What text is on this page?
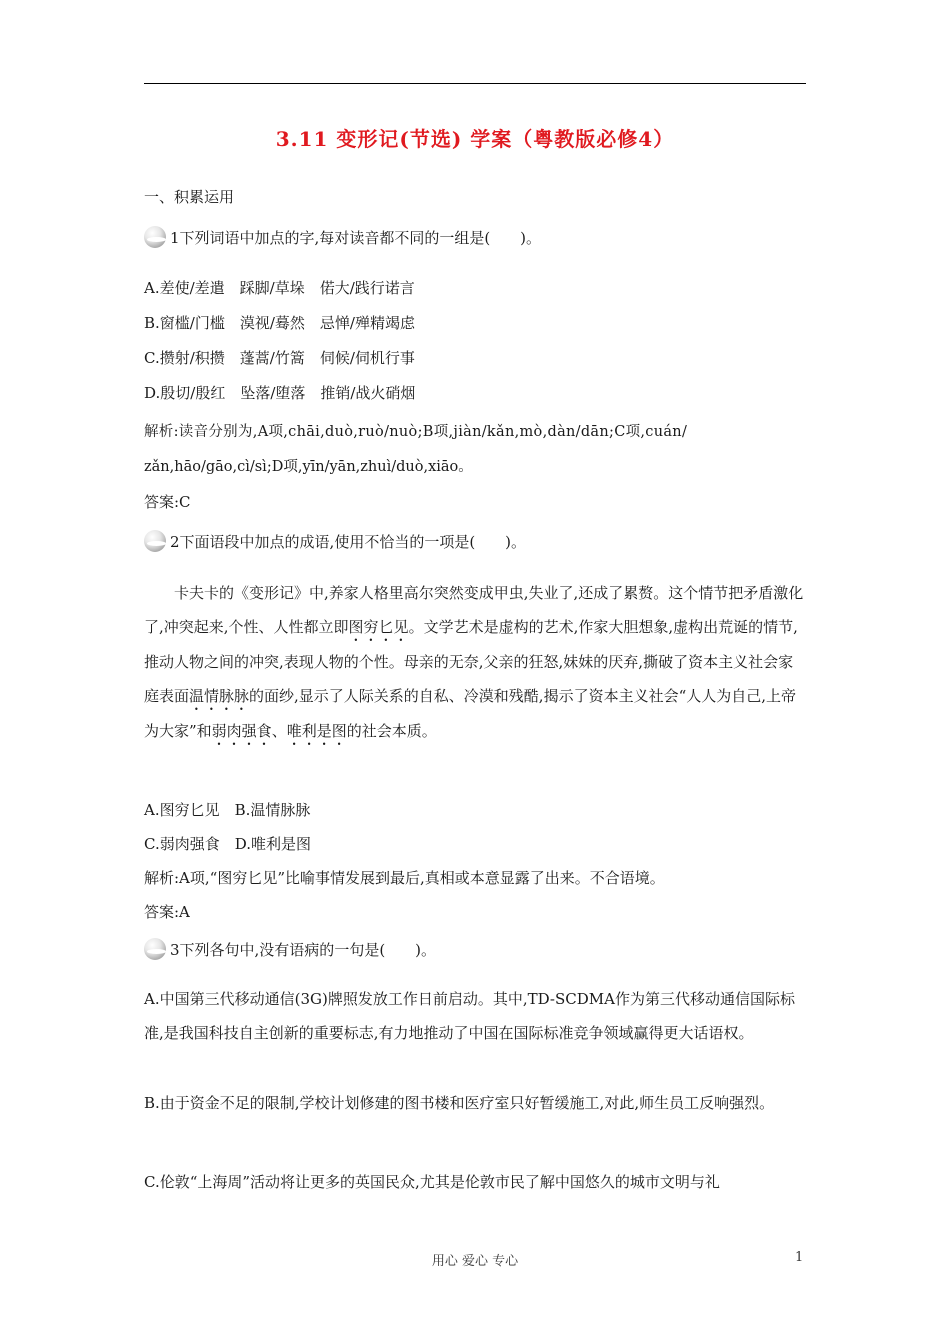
3.11 变形记(节选) 学案（粤教版必修4）
一、积累运用
1下列词语中加点的字,每对读音都不同的一组是(　　)。
A.差使/差遣　踩脚/草垛　偌大/践行诺言
B.窗槛/门槛　漠视/蓦然　忌惮/殚精竭虑
C.攒射/积攒　蓬蒿/竹篙　伺候/伺机行事
D.殷切/殷红　坠落/堕落　推销/战火硝烟
解析:读音分别为,A项,chāi,duò,ruò/nuò;B项,jiàn/kǎn,mò,dàn/dān;C项,cuán/
zǎn,hāo/gāo,cì/sì;D项,yīn/yān,zhuì/duò,xiāo。
答案:C
2下面语段中加点的成语,使用不恰当的一项是(　　)。
　　卡夫卡的《变形记》中,养家人格里高尔突然变成甲虫,失业了,还成了累赘。这个情节把矛盾激化了,冲突起来,个性、人性都立即图穷匕见。文学艺术是虚构的艺术,作家大胆想象,虚构出荒诞的情节,推动人物之间的冲突,表现人物的个性。母亲的无奈,父亲的狂怒,妹妹的厌弃,撕破了资本主义社会家庭表面温情脉脉的面纱,显示了人际关系的自私、冷漠和残酷,揭示了资本主义社会“人人为自己,上帝为大家”和弱肉强食、唯利是图的社会本质。
A.图穷匕见　B.温情脉脉
C.弱肉强食　D.唯利是图
解析:A项,“图穷匕见”比喻事情发展到最后,真相或本意显露了出来。不合语境。
答案:A
3下列各句中,没有语病的一句是(　　)。
A.中国第三代移动通信(3G)牌照发放工作日前启动。其中,TD-SCDMA作为第三代移动通信国际标准,是我国科技自主创新的重要标志,有力地推动了中国在国际标准竞争领域赢得更大话语权。
B.由于资金不足的限制,学校计划修建的图书楼和医疗室只好暂缓施工,对此,师生员工反响强烈。
C.伦敦“上海周”活动将让更多的英国民众,尤其是伦敦市民了解中国悠久的城市文明与礼
用心 爱心 专心	1
